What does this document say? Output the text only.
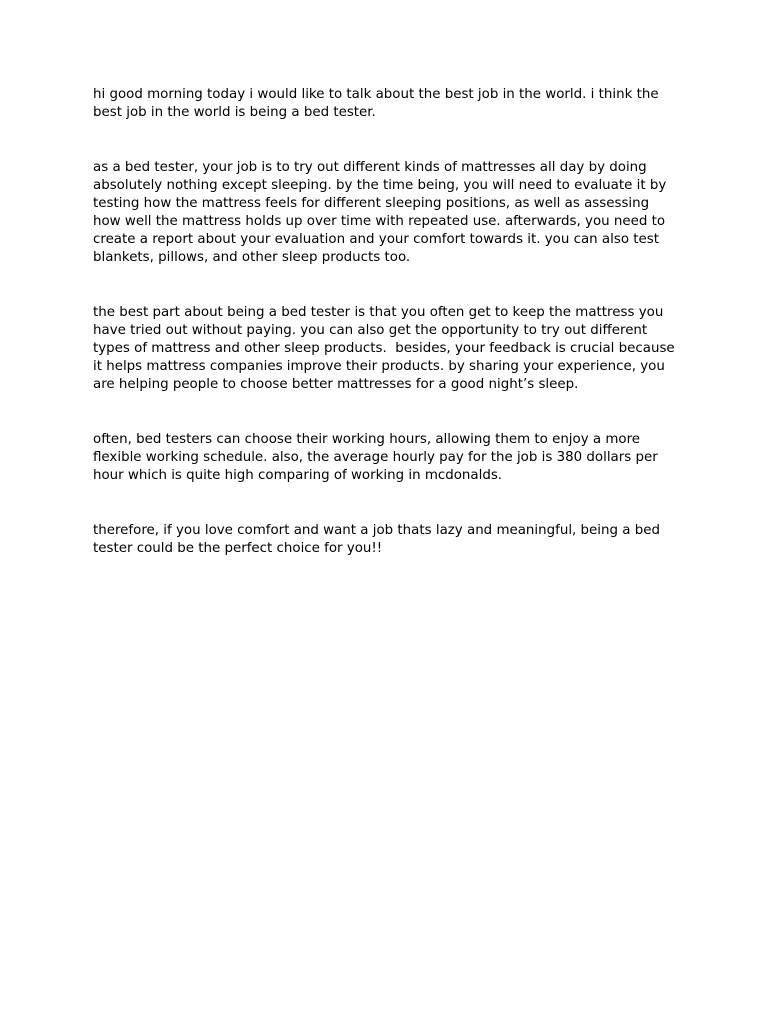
hi good morning today i would like to talk about the best job in the world. i think the best job in the world is being a bed tester.

as a bed tester, your job is to try out different kinds of mattresses all day by doing absolutely nothing except sleeping. by the time being, you will need to evaluate it by testing how the mattress feels for different sleeping positions, as well as assessing how well the mattress holds up over time with repeated use. afterwards, you need to create a report about your evaluation and your comfort towards it. you can also test blankets, pillows, and other sleep products too.

the best part about being a bed tester is that you often get to keep the mattress you have tried out without paying. you can also get the opportunity to try out different types of mattress and other sleep products.  besides, your feedback is crucial because it helps mattress companies improve their products. by sharing your experience, you are helping people to choose better mattresses for a good night’s sleep.

often, bed testers can choose their working hours, allowing them to enjoy a more flexible working schedule. also, the average hourly pay for the job is 380 dollars per hour which is quite high comparing of working in mcdonalds.

therefore, if you love comfort and want a job thats lazy and meaningful, being a bed tester could be the perfect choice for you!!
